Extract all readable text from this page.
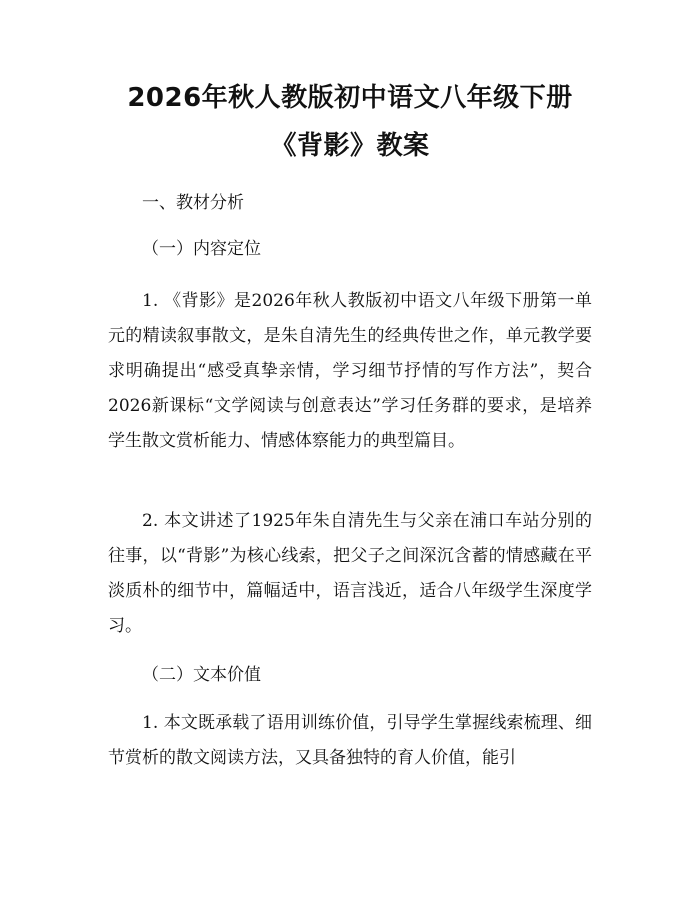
2026年秋人教版初中语文八年级下册《背影》教案

一、教材分析

（一）内容定位

1. 《背影》是2026年秋人教版初中语文八年级下册第一单元的精读叙事散文，是朱自清先生的经典传世之作，单元教学要求明确提出“感受真挚亲情，学习细节抒情的写作方法”，契合2026新课标“文学阅读与创意表达”学习任务群的要求，是培养学生散文赏析能力、情感体察能力的典型篇目。

2. 本文讲述了1925年朱自清先生与父亲在浦口车站分别的往事，以“背影”为核心线索，把父子之间深沉含蓄的情感藏在平淡质朴的细节中，篇幅适中，语言浅近，适合八年级学生深度学习。

（二）文本价值

1. 本文既承载了语用训练价值，引导学生掌握线索梳理、细节赏析的散文阅读方法，又具备独特的育人价值，能引
